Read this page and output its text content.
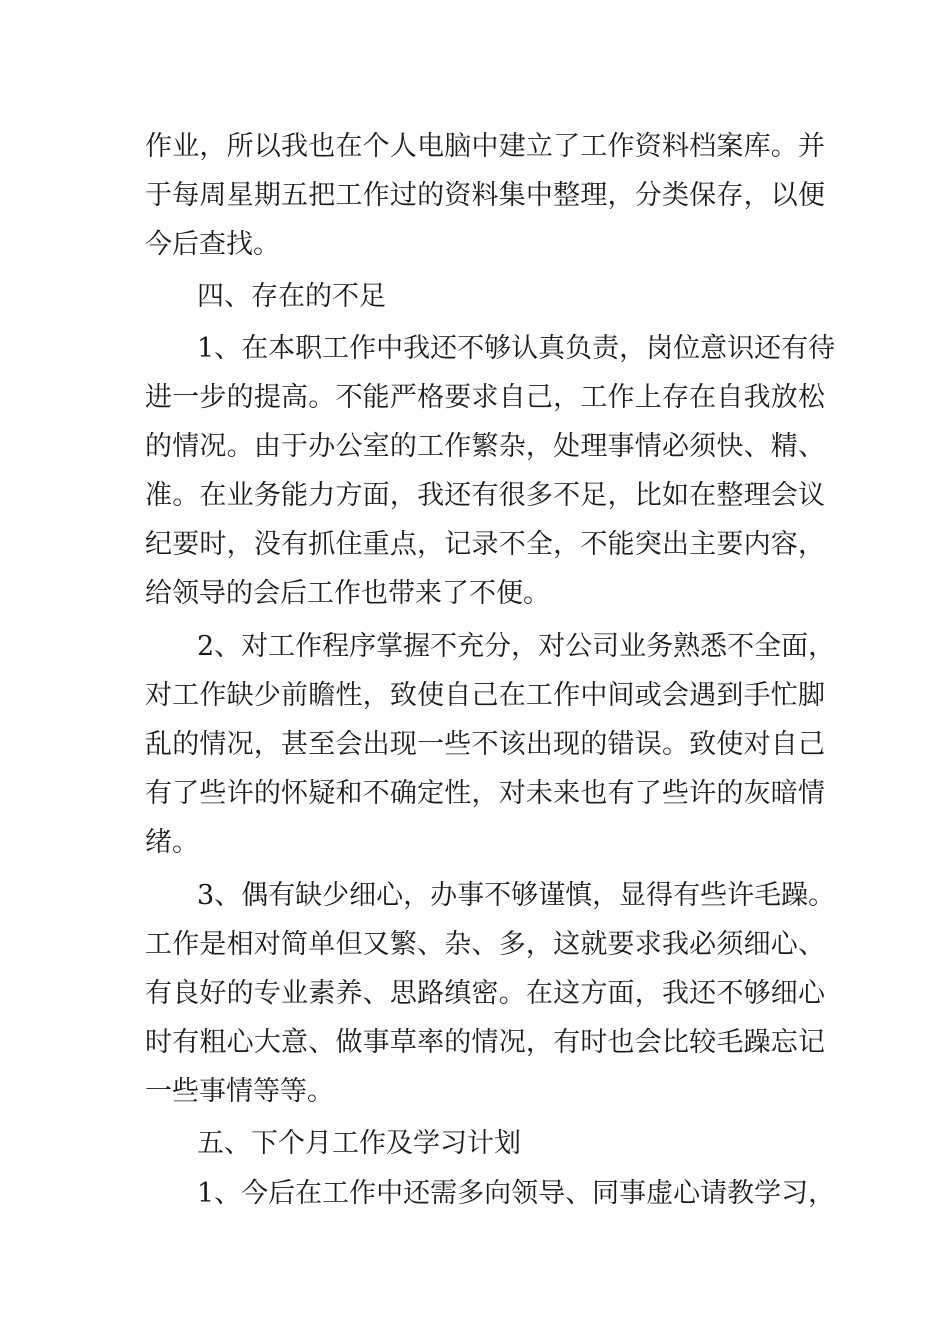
作业，所以我也在个人电脑中建立了工作资料档案库。并
于每周星期五把工作过的资料集中整理，分类保存，以便
今后查找。
四、存在的不足
1、在本职工作中我还不够认真负责，岗位意识还有待
进一步的提高。不能严格要求自己，工作上存在自我放松
的情况。由于办公室的工作繁杂，处理事情必须快、精、
准。在业务能力方面，我还有很多不足，比如在整理会议
纪要时，没有抓住重点，记录不全，不能突出主要内容，
给领导的会后工作也带来了不便。
2、对工作程序掌握不充分，对公司业务熟悉不全面，
对工作缺少前瞻性，致使自己在工作中间或会遇到手忙脚
乱的情况，甚至会出现一些不该出现的错误。致使对自己
有了些许的怀疑和不确定性，对未来也有了些许的灰暗情
绪。
3、偶有缺少细心，办事不够谨慎，显得有些许毛躁。
工作是相对简单但又繁、杂、多，这就要求我必须细心、
有良好的专业素养、思路缜密。在这方面，我还不够细心
时有粗心大意、做事草率的情况，有时也会比较毛躁忘记
一些事情等等。
五、下个月工作及学习计划
1、今后在工作中还需多向领导、同事虚心请教学习，
